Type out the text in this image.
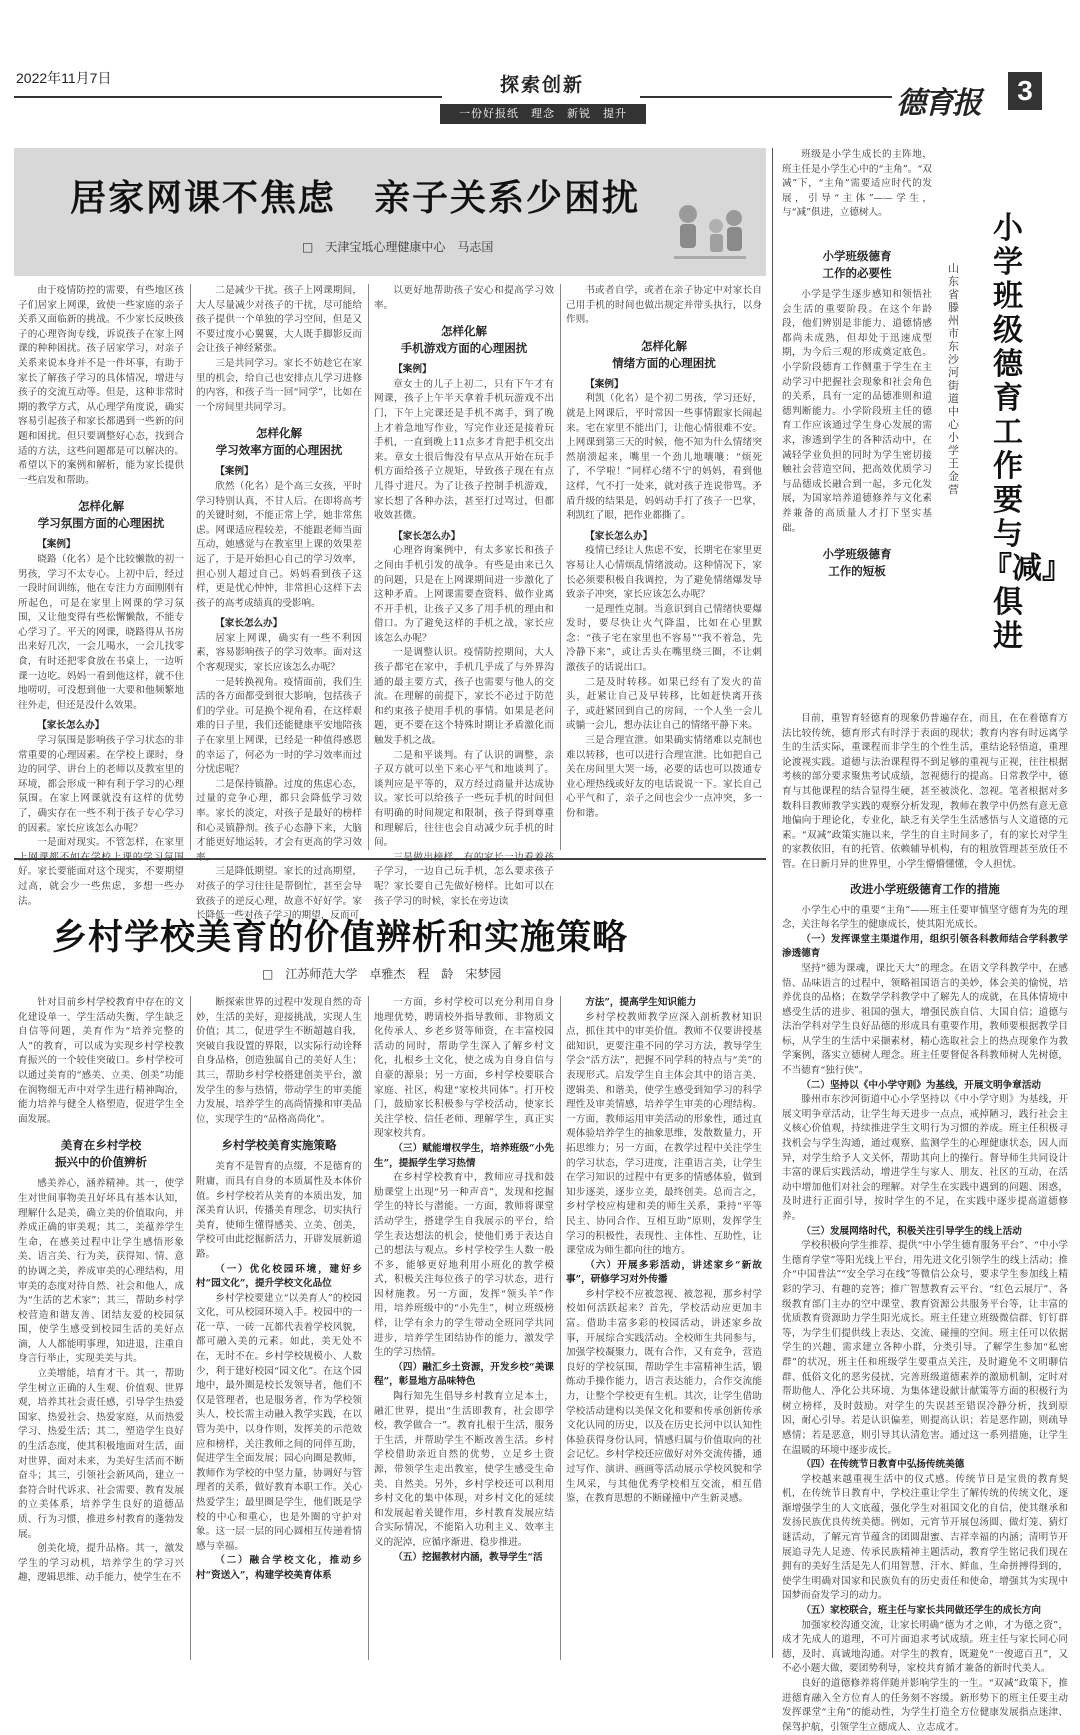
2022年11月7日	探索创新
一份好报纸　理念　新锐　提升	德育报	3
居家网课不焦虑　亲子关系少困扰
□　天津宝坻心理健康中心　马志国

由于疫情防控的需要，有些地区孩子们居家上网课，致使一些家庭的亲子关系又面临新的挑战。不少家长反映孩子的心理咨询专线，诉说孩子在家上网课的种种困扰。孩子居家学习，对亲子关系来说本身并不是一件坏事，有助于家长了解孩子学习的具体情况，增进与孩子的交流互动等。但是，这种非常时期的教学方式，从心理学角度说，确实容易引起孩子和家长都遇到一些新的问题和困扰。但只要调整好心态，找到合适的方法，这些问题都是可以解决的。希望以下的案例和解析，能为家长提供一些启发和帮助。

怎样化解
学习氛围方面的心理困扰

【案例】

晓路（化名）是个比较懒散的初一男孩，学习不太专心。上初中后，经过一段时间训练，他在专注力方面刚刚有所起色，可是在家里上网课的学习氛围，又让他变得有些松懈懒散，不能专心学习了。平天的网课，晓路得从书房出来好几次，一会儿喝水，一会儿找零食，有时还把零食放在书桌上，一边听课一边吃。妈妈一看到他这样，就不住地唠叨，可没想到他一大要和他频繁地往外走，但还是没什么效果。

【家长怎么办】

学习氛围是影响孩子学习状态的非常重要的心理因素。在学校上课时，身边的同学、讲台上的老师以及教室里的环境，都会形成一种有利于学习的心理氛围。在家上网课就没有这样的优势了，确实存在一些不利于孩子专心学习的因素。家长应该怎么办呢？

一是面对现实。不管怎样，在家里上网课都不如在学校上课的学习氛围好。家长要能面对这个现实，不要期望过高，就会少一些焦虑，多想一些办法。

二是减少干扰。孩子上网课期间，大人尽量减少对孩子的干扰，尽可能给孩子提供一个单独的学习空间，但是又不要过度小心翼翼，大人既手脚影反而会让孩子神经紧张。

三是共同学习。家长不妨趁它在家里的机会，给自己也安排点儿学习进修的内容，和孩子当一回“同学”，比如在一个房间里共同学习。

怎样化解
学习效率方面的心理困扰

【案例】

欣然（化名）是个高三女孩，平时学习特别认真，不甘人后。在即将高考的关键时刻，不能正常上学，她非常焦虑。网课适应程较差，不能跟老师当面互动，她感觉与在教室里上课的效果差远了，于是开始担心自己的学习效率，担心别人超过自己。妈妈看到孩子这样，更是忧心忡忡，非常担心这样下去孩子的高考成绩真的受影响。

【家长怎么办】

居家上网课，确实有一些不利因素，容易影响孩子的学习效率。面对这个客观现实，家长应该怎么办呢？

一是转换视角。疫情面前，我们生活的各方面都受到很大影响，包括孩子们的学业。可是换个视角看，在这样艰难的日子里，我们还能健康平安地陪孩子在家里上网课，已经是一种值得感恩的幸运了，何必为一时的学习效率而过分忧虑呢？

二是保持镇静。过度的焦虑心态，过量的竞争心理，都只会降低学习效率。家长的淡定，对孩子是最好的榜样和心灵镇静剂。孩子心态静下来，大脑才能更好地运转，才会有更高的学习效率。

三是降低期望。家长的过高期望，对孩子的学习往往是帮倒忙，甚至会导致孩子的逆反心理，故意不好好学。家长降低一些对孩子学习的期望，反而可

以更好地帮助孩子安心和提高学习效率。

怎样化解
手机游戏方面的心理困扰

【案例】

章女士的儿子上初二，只有下午才有网课，孩子上午半天拿着手机玩游戏不出门，下午上完课还是手机不离手，到了晚上才着急地写作业，写完作业还是接着玩手机，一直到晚上11点多才肯把手机交出来。章女士很后悔没有早点从开始在玩手机方面给孩子立规矩，导致孩子现在有点儿得寸进尺。为了让孩子控制手机游戏，家长想了各种办法，甚至打过骂过，但都收效甚微。

【家长怎么办】

心理咨询案例中，有太多家长和孩子之间由手机引发的战争。有些是由来已久的问题，只是在上网课期间进一步激化了这种矛盾。上网课需要查资料、做作业离不开手机，让孩子又多了用手机的理由和借口。为了避免这样的手机之战，家长应该怎么办呢？

一是调整认识。疫情防控期间，大人孩子都宅在家中，手机几乎成了与外界沟通的最主要方式，孩子也需要与他人的交流。在理解的前提下，家长不必过于防范和约束孩子使用手机的事情。如果是老问题，更不要在这个特殊时期让矛盾激化而触发手机之战。

二是和平谈判。有了认识的调整，亲子双方就可以坐下来心平气和地谈判了。谈判应是平等的，双方经过商量并达成协议。家长可以给孩子一些玩手机的时间但有明确的时间规定和限制，孩子得到尊重和理解后，往往也会自动减少玩手机的时间。

三是做出榜样。有的家长一边看着孩子学习，一边自己玩手机，怎么要求孩子呢？家长要自己先做好榜样。比如可以在孩子学习的时候，家长在旁边读

书或者自学，或者在亲子协定中对家长自己用手机的时间也做出规定并带头执行，以身作则。

怎样化解
情绪方面的心理困扰

【案例】

利凯（化名）是个初二男孩，学习还好，就是上网课后，平时常因一些事情跟家长闹起来。宅在家里不能出门，让他心情很难不安。上网课到第三天的时候，他不知为什么情绪突然崩溃起来，嘴里一个劲儿地嚷嚷：“烦死了，不学啦！”同样心绪不宁的妈妈，看到他这样，气不打一处来，就对孩子连说带骂。矛盾升级的结果是，妈妈动手打了孩子一巴掌，利凯红了眼，把作业都撕了。

【家长怎么办】

疫情已经让人焦虑不安，长期宅在家里更容易让人心情烦乱情绪波动。这种情况下，家长必须要积极自我调控，为了避免情绪爆发导致亲子冲突，家长应该怎么办呢？

一是理性克制。当意识到自己情绪快要爆发时，要尽快让火气降温，比如在心里默念：“孩子宅在家里也不容易”“我不着急，先冷静下来”，或让舌头在嘴里绕三圈，不让刺激孩子的话说出口。

二是及时转移。如果已经有了发火的苗头，赶紧让自己及早转移，比如赶快离开孩子，或赶紧回到自己的房间，一个人坐一会儿或躺一会儿，想办法让自己的情绪平静下来。

三是合理宣泄。如果确实情绪难以克制也难以转移，也可以进行合理宣泄。比如把自己关在房间里大哭一场，必要的话也可以拨通专业心理热线或好友的电话说说一下。家长自己心平气和了，亲子之间也会少一点冲突，多一份和谐。

班级是小学生成长的主阵地，班主任是小学生心中的“主角”。“双减”下，“主角”需要适应时代的发展，引导“主体”——学生，与“减”俱进，立德树人。	小学班级德育工作要与『减』俱进
山东省滕州市东沙河街道中心小学　王金营
小学班级德育
工作的必要性

小学是学生逐步感知和领悟社会生活的重要阶段。在这个年龄段，他们辨别是非能力、道德情感都尚未成熟，但却处于迅速成型期，为今后三观的形成奠定底色。小学阶段德育工作侧重于学生在主动学习中把握社会现象和社会角色的关系，具有一定的品德准则和道德判断能力。小学阶段班主任的德育工作应该通过学生身心发展的需求，渗透到学生的各种活动中，在减轻学业负担的同时为学生密切接触社会营造空间，把高效优质学习与品德成长融合到一起，多元化发展，为国家培养道德修养与文化素养兼备的高质量人才打下坚实基础。

小学班级德育
工作的短板

目前，重智育轻德育的现象仍普遍存在，而且，在在着德育方法比较传统，德育形式有时浮于表面的现状；教育内容有时远离学生的生活实际，重课程而非学生的个性生活，重结论轻悟道，重理论渡视实践。道德与法治课程得不到足够的重视与正视，往往根据考核的部分要求聚焦考试成绩，忽视德行的提高。日常教学中，德育与其他课程的结合显得生硬，甚至被淡化、忽视。笔者根据对多数科目教师教学实践的观察分析发现，教师在教学中仍然有意无意地偏向于理论化，专业化，缺乏有关学生生活感悟与人文道德的元素。“双减”政策实施以来，学生的自主时间多了，有的家长对学生的家教依旧，有的托管、依赖辅导机构，有的粗放管理甚至放任不管。在日新月异的世界里，小学生懵懵懂懂，令人担忧。

改进小学班级德育工作的措施

小学生心中的重要“主角”——班主任要审慎坚守德育为先的理念，关注每名学生的健康成长，使其阳光成长。

（一）发挥课堂主渠道作用，组织引领各科教师结合学科教学渗透德育

坚持“德为课魂，课比天大”的理念。在语文学科教学中，在感悟、品味语言的过程中，领略祖国语言的美妙，体会美的愉悦，培养优良的品格；在数学学科教学中了解先人的成就，在具体情境中感受生活的进步、祖国的强大，增强民族自信、大国自信；道德与法治学科对学生良好品德的形成具有重要作用，教师要根据教学目标，从学生的生活中采撷素材，精心选取社会上的热点现象作为教学案例，落实立德树人理念。班主任要督促各科教师树人先树德，不当德育“独行侠”。

（二）坚持以《中小学守则》为基线，开展文明争章活动

滕州市东沙河街道中心小学坚持以《中小学守则》为基线，开展文明争章活动，让学生每天进步一点点，戒掉陋习，践行社会主义核心价值观，持续推进学生文明行为习惯的养成。班主任积极寻找机会与学生沟通，通过观察、监测学生的心理健康状态，因人而异，对学生给予人文关怀，帮助其向上的操行。督导师生共同设计丰富的课后实践活动，增进学生与家人、朋友、社区的互动，在活动中增加他们对社会的理解。对学生在实践中遇到的问题、困惑，及时进行正面引导，按时学生的不足，在实践中逐步提高道德修养。

（三）发展网络时代，积极关注引导学生的线上活动

学校积极向学生推荐、提供“中小学生德育服务平台”、“中小学生德育学堂”等阳光线上平台，用先进文化引领学生的线上活动；推介“中国普法”“安全学习在线”等微信公众号，要求学生参加线上精彩的学习、有趣的竞答；推广智慧教育云平台、“红色云展厅”、各级教育部门主办的空中课堂、教育资源公共服务平台等，让丰富的优质教育资源助力学生阳光成长。班主任建立班级微信群、钉钉群等，为学生们提供线上表达、交流、碰撞的空间。班主任可以依据学生的兴趣、需求建立各种小群，分类引导。了解学生参加“私密群”的状况，班主任和班级学生要重点关注，及时避免不文明聊信群、低俗文化的恶劣侵扰，完善班级道德素养的激励机制，定时对帮助他人、净化公共环境、为集体建设献计献策等方面的积极行为树立榜样，及时鼓励。对学生的失误甚至错误冷静分析，找到原因，耐心引导。若是认识偏差，则提高认识；若是恶作剧，则疏导感情；若是恶意，则引导其认清危害。通过这一系列措施，让学生在温暖的环境中逐步成长。

（四）在传统节日教育中弘扬传统美德

学校越来越重视生活中的仪式感。传统节日是宝贵的教育契机，在传统节日教育中，学校注重让学生了解传统的传统文化，逐渐增强学生的人文底蕴，强化学生对祖国文化的自信，使其继承和发扬民族优良传统美德。例如，元宵节开展包汤圆、做灯笼、猜灯谜活动，了解元宵节蕴含的团圆甜蜜、吉祥幸福的内涵；清明节开展追寻先人足迹、传承民族精神主题活动，教育学生铭记我们现在拥有的美好生活是先人们用智慧、汗水、鲜血、生命拼搏得到的，使学生明确对国家和民族负有的历史责任和使命，增强其为实现中国梦而奋发学习的动力。

（五）家校联合，班主任与家长共同做还学生的成长方向

加强家校沟通交流，让家长明确“德为才之帅，才为德之资”，成才先成人的道理，不可片面追求考试成绩。班主任与家长同心同德，及时、真诚地沟通。对学生的教育，既避免“一俊遮百丑”，又不必小题大做，要团势利导，家校共育循才兼备的新时代美人。

良好的道德修养将伴随并影响学生的一生。“双减”政策下，推进德育融入全方位育人的任务刻不容缓。新形势下的班主任要主动发挥课堂“主角”的能动性，为学生打造全方位健康发展指点迷津、保驾护航，引领学生立德成人、立志成才。

乡村学校美育的价值辨析和实施策略
□　江苏师范大学　卓雅杰　程　龄　宋梦园

针对目前乡村学校教育中存在的文化建设单一、学生活动失衡、学生缺乏自信等问题，美育作为“培养完整的人”的教育，可以成为实现乡村学校教育振兴的一个较佳突破口。乡村学校可以通过美育的“感美、立美、创美”功能在润物细无声中对学生进行精神陶冶，能力培养与健全人格塑造，促进学生全面发展。

美育在乡村学校
振兴中的价值辨析

感美养心，涵养精神。其一，使学生对世间事物美丑好坏具有基本认知，理解什么是美，确立美的价值取向，并养成正确的审美观；其二，美蕴养学生生命，在感美过程中让学生感悟形象美、语言美、行为美，获得知、情、意的协调之美，养成审美的心理结构，用审美的态度对待自然、社会和他人，成为“生活的艺术家”；其三，帮助乡村学校营造和谐友善、团结友爱的校园氛围，使学生感受到校园生活的美好点滴，人人都能明事理，知进退，注重自身言行举止，实现美美与共。

立美增能，培育才干。其一，帮助学生树立正确的人生观、价值观、世界观，培养其社会责任感，引导学生热爱国家、热爱社会、热爱家庭，从而热爱学习、热爱生活；其二，塑造学生良好的生活态度，使其积极地面对生活，面对世界，面对未来，为美好生活而不断奋斗；其三，引领社会新风尚，建立一套符合时代诉求、社会需要、教育发展的立美体系，培养学生良好的道德品质、行为习惯，推进乡村教育的蓬勃发展。

创美化境，提升品格。其一，激发学生的学习动机，培养学生的学习兴趣，逻辑思维、动手能力，使学生在不

断探索世界的过程中发现自然的奇妙，生活的美好，迎接挑战，实现人生价值；其二，促进学生不断超越自我，突破自我设置的界限，以实际行动诠释自身品格，创造独属自己的美好人生；其三，帮助乡村学校搭建创美平台，激发学生的参与热情，带动学生的审美能力发展，培养学生的高尚情操和审美品位，实现学生的“品格高尚化”。

乡村学校美育实施策略

美育不是智育的点缀，不是德育的附庸，而具有自身的本质属性及本体价值。乡村学校若从美育的本质出发，加深美育认识，传播美育理念，切实执行美育，使师生懂得感美、立美、创美，学校可由此挖掘新活力，开辟发展新道路。

（一）优化校园环境，建好乡村“园文化”，提升学校文化品位

乡村学校要建立“以美育人”的校园文化，可从校园环境入手。校园中的一花一草、一砖一瓦都代表着学校风貌，都可融入美的元素。如此，美无处不在，无时不在。乡村学校规模小、人数少，利于建好校园“园文化”。在这个园地中，最外圈是校长发领导者，他们不仅是管理者，也是服务者，作为学校领头人，校长需主动融入教学实践，在以管为美中，以身作则，发挥美的示范效应和榜样，关注教师之间的同伴互助，促进学生全面发展；园心向圈是教师，教师作为学校的中坚力量，协调好与管理者的关系，做好教育本职工作。关心热爱学生；最里圈是学生，他们既是学校的中心和重心，也是外圈的守护对象。这一层一层的同心圆相互传递着情感与幸福。

（二）融合学校文化，推动乡村“资送入”，构建学校美育体系

一方面，乡村学校可以充分利用自身地理优势，聘请校外指导教师、非物质文化传承人、乡老乡贤等师资，在丰富校园活动的同时，帮助学生深入了解乡村文化，扎根乡土文化，使之成为自身自信与自豪的源泉；另一方面，乡村学校要联合家庭、社区，构建“家校共同体”。打开校门，鼓励家长积极参与学校活动，使家长关注学校、信任老师、理解学生，真正实现家校共育。

（三）赋能增权学生，培养班级“小先生”，提振学生学习热情

在乡村学校教育中，教师应寻找和鼓励课堂上出现“另一种声音”，发现和挖掘学生的特长与潜能。一方面，教师将课堂活动学生，搭建学生自我展示的平台，给学生表达想法的机会，使他们勇于表达自己的想法与观点。乡村学校学生人数一般不多，能够更好地利用小班化的教学模式，积极关注每位孩子的学习状态，进行因材施教。另一方面，发挥“领头羊”作用，培养班级中的“小先生”，树立班级榜样，让学有余力的学生带动全班同学共同进步，培养学生团结协作的能力，激发学生的学习热情。

（四）融汇乡土资源，开发乡校“美课程”，彰显地方品味特色

陶行知先生倡导乡村教育立足本土，融汇世界，提出“生活即教育，社会即学校，教学做合一”。教育扎根于生活，服务于生活，并帮助学生不断改善生活。乡村学校借助亲近自然的优势，立足乡土资源，带领学生走出教室，使学生感受生命美、自然美。另外，乡村学校还可以利用乡村文化的集中体现，对乡村文化的延续和发展起着关键作用，乡村教育发展应结合实际情况，不能陷入功利主义、效率主义的泥淖，应循序渐进、稳步推进。

（五）挖掘教材内涵，教导学生“活

方法”，提高学生知识能力

乡村学校教师教学应深入剖析教材知识点，抓住其中的审美价值。教师不仅要讲授基础知识，更要注重不同的学习方法，教导学生学会“活方法”，把握不同学科的特点与“美”的表现形式。启发学生自主体会其中的语言美、逻辑美、和谐美，使学生感受到知学习的科学理性及审美情感，培养学生审美的心理结构。一方面，教师运用审美活动的形象性，通过直观体验培养学生的抽象思维，发散数量力，开拓思维力；另一方面，在教学过程中关注学生的学习状态，学习进度，注重语言美，让学生在学习知识的过程中有更多的情感体验，做到知步逐美，逐步立美，最终创美。总而言之，乡村学校应构建和美的师生关系，秉持“平等民主、协同合作、互相互助”原则，发挥学生学习的积极性，表现性、主体性、互助性，让课堂成为师生都向往的地方。

（六）开展多彩活动，讲述家乡“新故事”，研修学习对外传播

乡村学校不应被忽视、被忽视，那乡村学校如何活跃起来？首先，学校活动应更加丰富。借助丰富多彩的校园活动，讲述家乡故事，开展综合实践活动。全校师生共同参与，加强学校凝聚力，既有合作，又有竞争，营造良好的学校氛围，帮助学生丰富精神生活，锻炼动手操作能力，语言表达能力，合作交流能力，让整个学校更有生机。其次，让学生借助学校活动建构以美保文化和要和传承创新传承文化认同的历史，以及在历史长河中以认知性体验获得身份认同，情感归属与价值取向的社会记忆。乡村学校还应做好对外交流传播，通过写作、演讲、画画等活动展示学校风貌和学生风采，与其他优秀学校相互交流，相互借鉴，在教育思想的不断碰撞中产生新灵感。
